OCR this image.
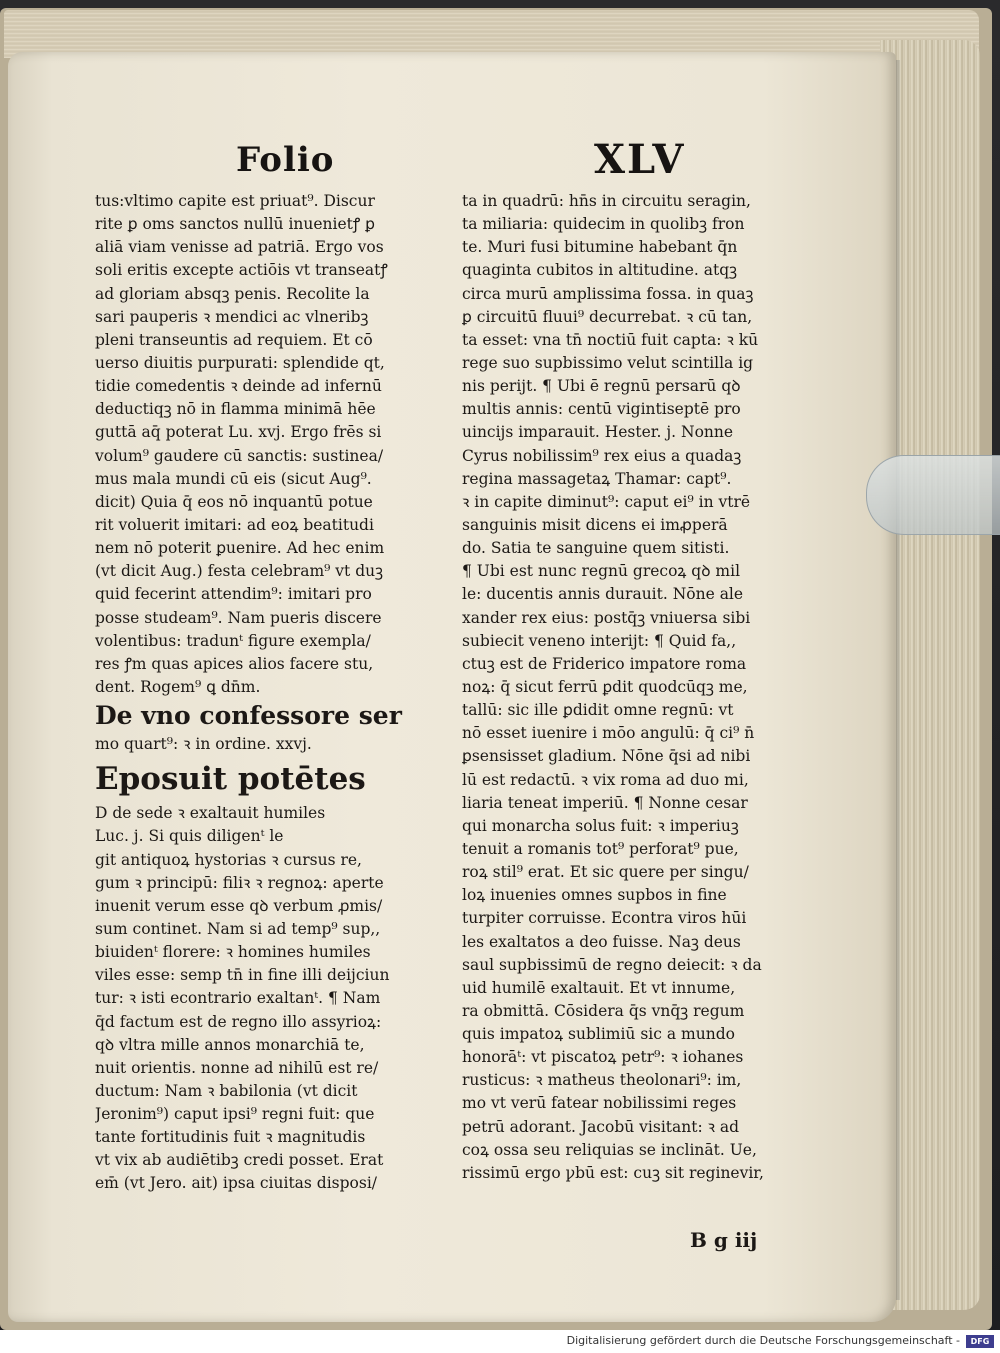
Folio	XLV
tus:vltimo capite est priuat⁹. Discur
rite ꝑ oms sanctos nullū inuenietꝭ ꝑ
aliā viam venisse ad patriā. Ergo vos
soli eritis excepte actiōis vt transeatꝭ
ad gloriam absqꝫ penis. Recolite la
sari pauperis ꝛ mendici ac vlneribꝫ
pleni transeuntis ad requiem. Et cō
uerso diuitis purpurati: splendide qt,
tidie comedentis ꝛ deinde ad infernū
deductiqꝫ nō in flamma minimā hēe
guttā aq̄ poterat Lu. xvj. Ergo frēs si
volum⁹ gaudere cū sanctis: sustinea/
mus mala mundi cū eis (sicut Aug⁹.
dicit) Quia q̄ eos nō inquantū potue
rit voluerit imitari: ad eoꝝ beatitudi
nem nō poterit ꝑuenire. Ad hec enim
(vt dicit Aug.) festa celebram⁹ vt duꝫ
quid fecerint attendim⁹: imitari pro
posse studeam⁹. Nam pueris discere
volentibus: tradunᵗ figure exempla/
res ꝭm quas apices alios facere stu,
dent. Rogem⁹ ꝗ dn̄m.
De vno confessore ser
mo quart⁹: ꝛ in ordine. xxvj.
Eposuit potētes
D de sede ꝛ exaltauit humiles
Luc. j. Si quis diligenᵗ le
git antiquoꝝ hystorias ꝛ cursus re,
gum ꝛ principū: filiꝛ ꝛ regnoꝝ: aperte
inuenit verum esse qꝺ verbum ꝓmis/
sum continet. Nam si ad temp⁹ sup,,
biuidenᵗ florere: ꝛ homines humiles
viles esse: semp tn̄ in fine illi deijciun
tur: ꝛ isti econtrario exaltanᵗ. ¶ Nam
q̄d factum est de regno illo assyrioꝝ:
qꝺ vltra mille annos monarchiā te,
nuit orientis. nonne ad nihilū est re/
ductum: Nam ꝛ babilonia (vt dicit
Jeronim⁹) caput ipsi⁹ regni fuit: que
tante fortitudinis fuit ꝛ magnitudis
vt vix ab audiētibꝫ credi posset. Erat
em̄ (vt Jero. ait) ipsa ciuitas disposi/
ta in quadrū: hn̄s in circuitu seragin,
ta miliaria: quidecim in quolibꝫ fron
te. Muri fusi bitumine habebant q̄n
quaginta cubitos in altitudine. atqꝫ
circa murū amplissima fossa. in quaꝫ
ꝑ circuitū fluui⁹ decurrebat. ꝛ cū tan,
ta esset: vna tn̄ noctiū fuit capta: ꝛ kū
rege suo supbissimo velut scintilla ig
nis perijt. ¶ Ubi ē regnū persarū qꝺ
multis annis: centū vigintiseptē pro
uincijs imparauit. Hester. j. Nonne
Cyrus nobilissim⁹ rex eius a quadaꝫ
regina massagetaꝝ Thamar: capt⁹.
ꝛ in capite diminut⁹: caput ei⁹ in vtrē
sanguinis misit dicens ei imꝓperā
do. Satia te sanguine quem sitisti.
¶ Ubi est nunc regnū grecoꝝ qꝺ mil
le: ducentis annis durauit. Nōne ale
xander rex eius: postq̄ꝫ vniuersa sibi
subiecit veneno interijt: ¶ Quid fa,,
ctuꝫ est de Friderico impatore roma
noꝝ: q̄ sicut ferrū ꝑdit quodcūqꝫ me,
tallū: sic ille ꝑdidit omne regnū: vt
nō esset iuenire i mōo angulū: q̄ ci⁹ n̄
ꝑsensisset gladium. Nōne q̄si ad nibi
lū est redactū. ꝛ vix roma ad duo mi,
liaria teneat imperiū. ¶ Nonne cesar
qui monarcha solus fuit: ꝛ imperiuꝫ
tenuit a romanis tot⁹ perforat⁹ pue,
roꝝ stil⁹ erat. Et sic quere per singu/
loꝝ inuenies omnes supbos in fine
turpiter corruisse. Econtra viros hūi
les exaltatos a deo fuisse. Naꝫ deus
saul supbissimū de regno deiecit: ꝛ da
uid humilē exaltauit. Et vt innume,
ra obmittā. Cōsidera q̄s vnq̄ꝫ regum
quis impatoꝝ sublimiū sic a mundo
honorāᵗ: vt piscatoꝝ petr⁹: ꝛ iohanes
rusticus: ꝛ matheus theolonari⁹: im,
mo vt verū fatear nobilissimi reges
petrū adorant. Jacobū visitant: ꝛ ad
coꝝ ossa seu reliquias se inclināt. Ue,
rissimū ergo ꝩbū est: cuꝫ sit reginevir,
B g iij
Digitalisierung gefördert durch die Deutsche Forschungsgemeinschaft -	DFG
